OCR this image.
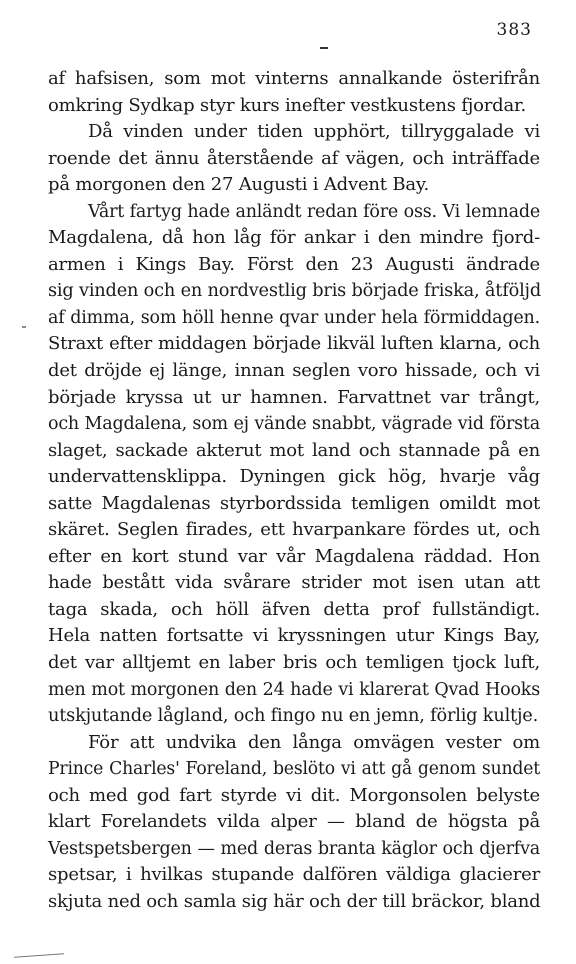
383
af hafsisen, som mot vinterns annalkande österifrån
omkring Sydkap styr kurs inefter vestkustens fjordar.
Då vinden under tiden upphört, tillryggalade vi
roende det ännu återstående af vägen, och inträffade
på morgonen den 27 Augusti i Advent Bay.
Vårt fartyg hade anländt redan före oss. Vi lemnade
Magdalena, då hon låg för ankar i den mindre fjord-
armen i Kings Bay. Först den 23 Augusti ändrade
sig vinden och en nordvestlig bris började friska, åtföljd
af dimma, som höll henne qvar under hela förmiddagen.
Straxt efter middagen började likväl luften klarna, och
det dröjde ej länge, innan seglen voro hissade, och vi
började kryssa ut ur hamnen. Farvattnet var trångt,
och Magdalena, som ej vände snabbt, vägrade vid första
slaget, sackade akterut mot land och stannade på en
undervattensklippa. Dyningen gick hög, hvarje våg
satte Magdalenas styrbordssida temligen omildt mot
skäret. Seglen firades, ett hvarpankare fördes ut, och
efter en kort stund var vår Magdalena räddad. Hon
hade bestått vida svårare strider mot isen utan att
taga skada, och höll äfven detta prof fullständigt.
Hela natten fortsatte vi kryssningen utur Kings Bay,
det var alltjemt en laber bris och temligen tjock luft,
men mot morgonen den 24 hade vi klarerat Qvad Hooks
utskjutande lågland, och fingo nu en jemn, förlig kultje.
För att undvika den långa omvägen vester om
Prince Charles' Foreland, beslöto vi att gå genom sundet
och med god fart styrde vi dit. Morgonsolen belyste
klart Forelandets vilda alper — bland de högsta på
Vestspetsbergen — med deras branta käglor och djerfva
spetsar, i hvilkas stupande dalfören väldiga glacierer
skjuta ned och samla sig här och der till bräckor, bland
